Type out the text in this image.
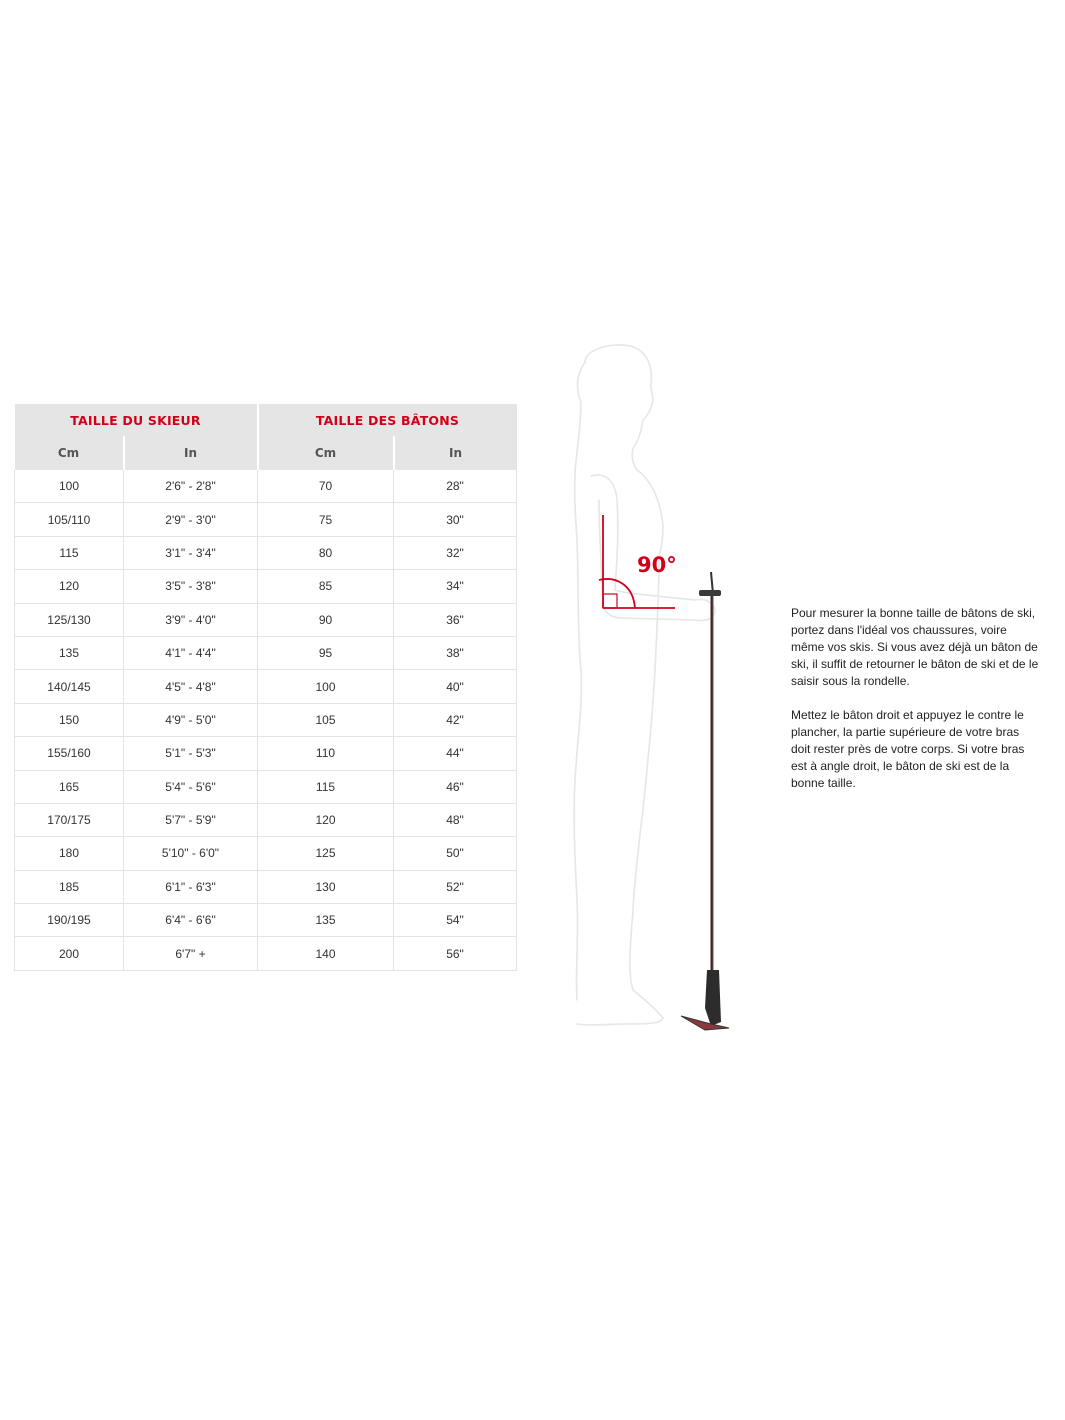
TAILLE DU SKIEUR		TAILLE DES BÂTONS	
Cm	In	Cm	In
100	2'6" - 2'8"	70	28"
105/110	2'9" - 3'0"	75	30"
115	3'1" - 3'4"	80	32"
120	3'5" - 3'8"	85	34"
125/130	3'9" - 4'0"	90	36"
135	4'1" - 4'4"	95	38"
140/145	4'5" - 4'8"	100	40"
150	4'9" - 5'0"	105	42"
155/160	5'1" - 5'3"	110	44"
165	5'4" - 5'6"	115	46"
170/175	5'7" - 5'9"	120	48"
180	5'10" - 6'0"	125	50"
185	6'1" - 6'3"	130	52"
190/195	6'4" - 6'6"	135	54"
200	6'7" +	140	56"
90°

Pour mesurer la bonne taille de bâtons de ski, portez dans l'idéal vos chaussures, voire même vos skis. Si vous avez déjà un bâton de ski, il suffit de retourner le bâton de ski et de le saisir sous la rondelle.

Mettez le bâton droit et appuyez le contre le plancher, la partie supérieure de votre bras doit rester près de votre corps. Si votre bras est à angle droit, le bâton de ski est de la bonne taille.
